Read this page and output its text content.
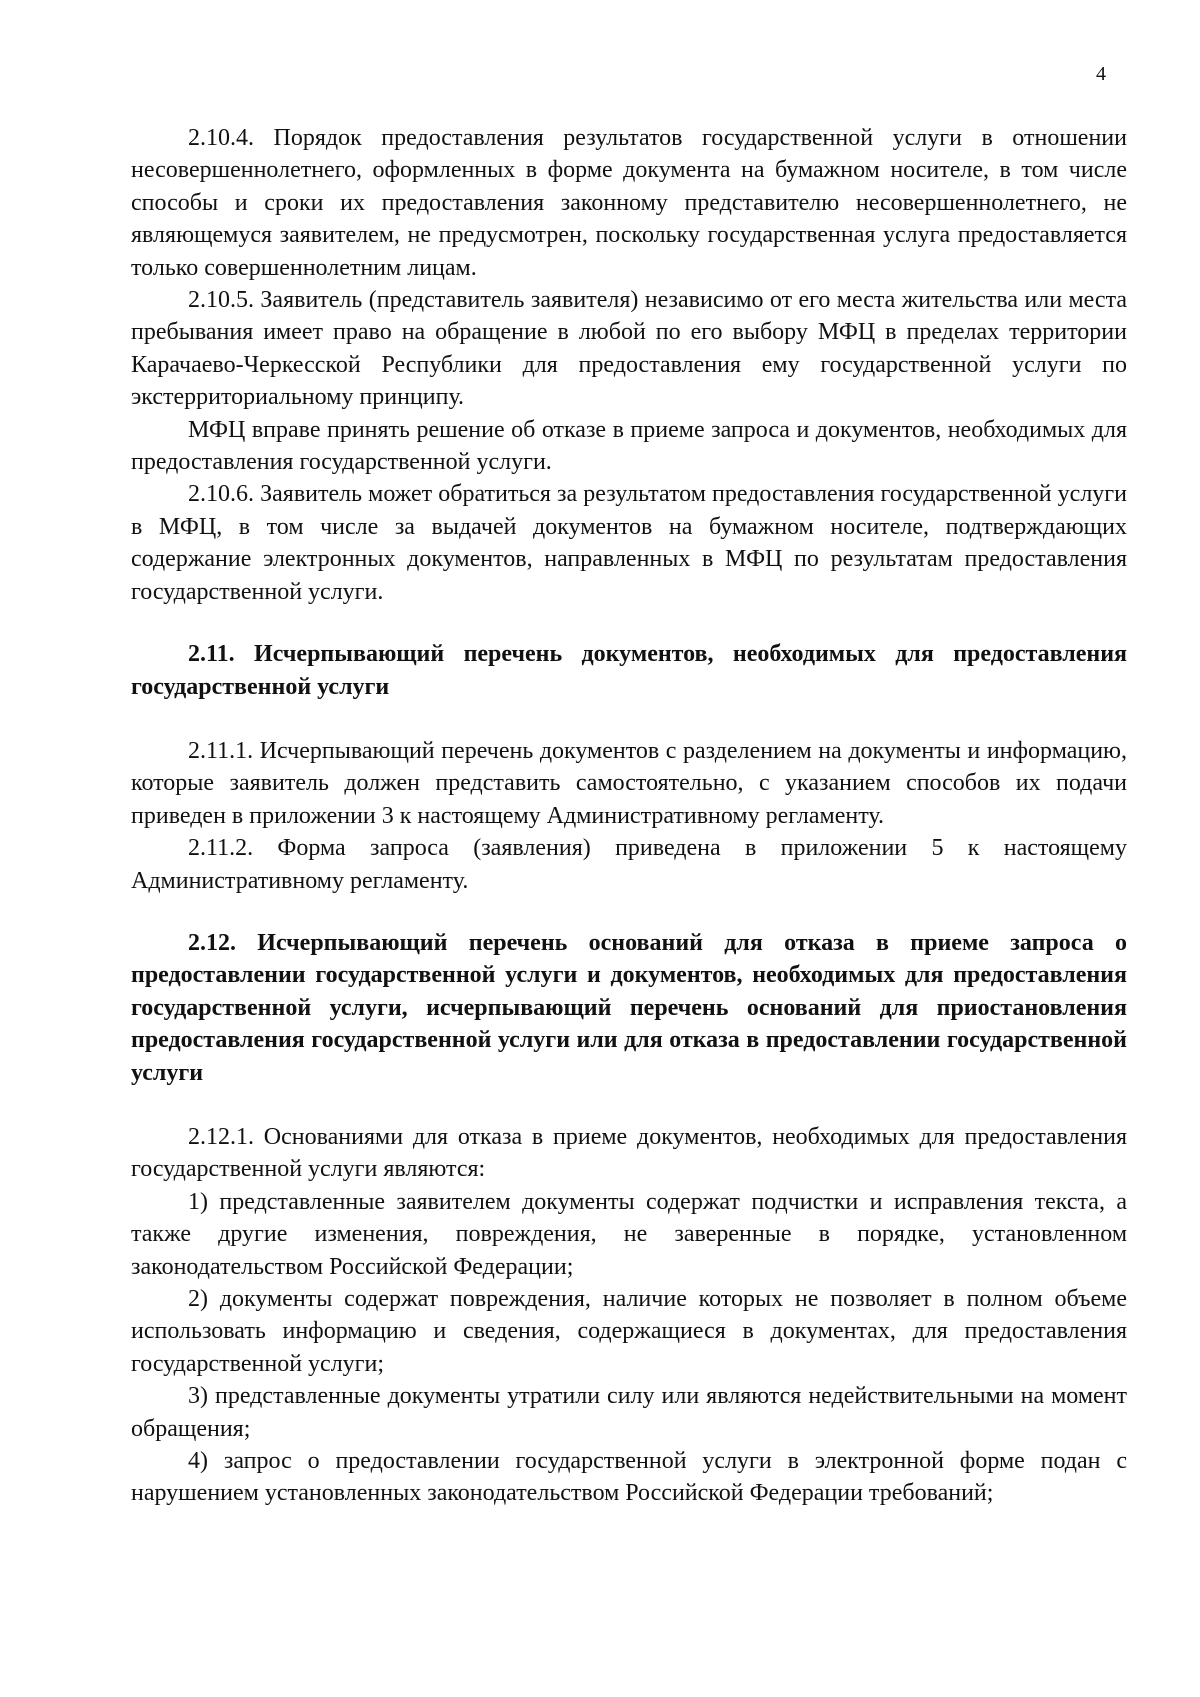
4

2.10.4. Порядок предоставления результатов государственной услуги в отношении несовершеннолетнего, оформленных в форме документа на бумажном носителе, в том числе способы и сроки их предоставления законному представителю несовершеннолетнего, не являющемуся заявителем, не предусмотрен, поскольку государственная услуга предоставляется только совершеннолетним лицам.

2.10.5. Заявитель (представитель заявителя) независимо от его места жительства или места пребывания имеет право на обращение в любой по его выбору МФЦ в пределах территории Карачаево-Черкесской Республики для предоставления ему государственной услуги по экстерриториальному принципу.

МФЦ вправе принять решение об отказе в приеме запроса и документов, необходимых для предоставления государственной услуги.

2.10.6. Заявитель может обратиться за результатом предоставления государственной услуги в МФЦ, в том числе за выдачей документов на бумажном носителе, подтверждающих содержание электронных документов, направленных в МФЦ по результатам предоставления государственной услуги.

2.11. Исчерпывающий перечень документов, необходимых для предоставления государственной услуги

2.11.1. Исчерпывающий перечень документов с разделением на документы и информацию, которые заявитель должен представить самостоятельно, с указанием способов их подачи приведен в приложении 3 к настоящему Административному регламенту.

2.11.2. Форма запроса (заявления) приведена в приложении 5 к настоящему Административному регламенту.

2.12. Исчерпывающий перечень оснований для отказа в приеме запроса о предоставлении государственной услуги и документов, необходимых для предоставления государственной услуги, исчерпывающий перечень оснований для приостановления предоставления государственной услуги или для отказа в предоставлении государственной услуги

2.12.1. Основаниями для отказа в приеме документов, необходимых для предоставления государственной услуги являются:

1) представленные заявителем документы содержат подчистки и исправления текста, а также другие изменения, повреждения, не заверенные в порядке, установленном законодательством Российской Федерации;

2) документы содержат повреждения, наличие которых не позволяет в полном объеме использовать информацию и сведения, содержащиеся в документах, для предоставления государственной услуги;

3) представленные документы утратили силу или являются недействительными на момент обращения;

4) запрос о предоставлении государственной услуги в электронной форме подан с нарушением установленных законодательством Российской Федерации требований;
